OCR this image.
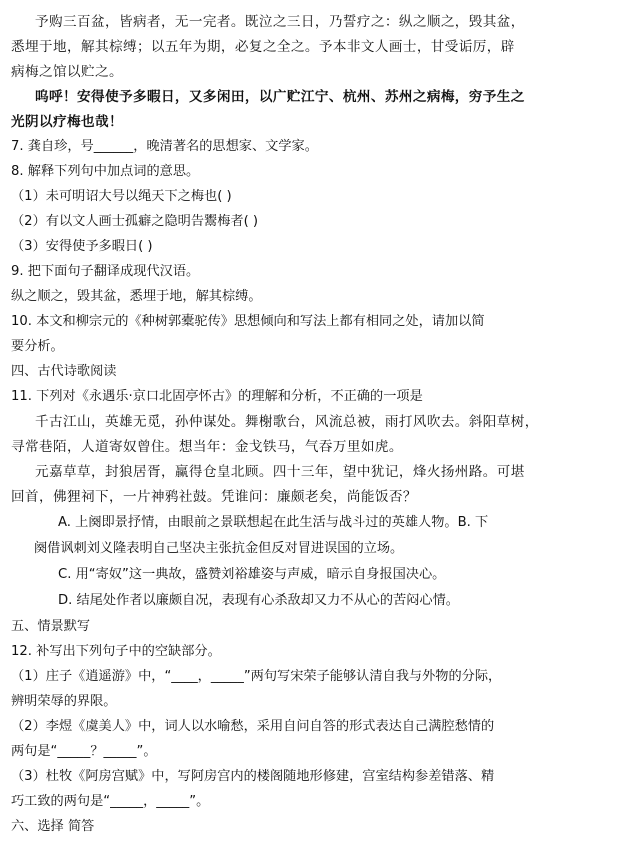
予购三百盆，皆病者，无一完者。既泣之三日，乃誓疗之：纵之顺之，毁其盆，
悉埋于地，解其棕缚；以五年为期，必复之全之。予本非文人画士，甘受诟厉，辟
病梅之馆以贮之。
呜呼！安得使予多暇日，又多闲田，以广贮江宁、杭州、苏州之病梅，穷予生之
光阴以疗梅也哉！
7. 龚自珍，号______，晚清著名的思想家、文学家。
8. 解释下列句中加点词的意思。
（1）未可明诏大号以绳天下之梅也( )
（2）有以文人画士孤癖之隐明告鬻梅者( )
（3）安得使予多暇日( )
9. 把下面句子翻译成现代汉语。
纵之顺之，毁其盆，悉埋于地，解其棕缚。
10. 本文和柳宗元的《种树郭橐驼传》思想倾向和写法上都有相同之处，请加以简
要分析。
四、古代诗歌阅读
11. 下列对《永遇乐·京口北固亭怀古》的理解和分析，不正确的一项是
千古江山，英雄无觅，孙仲谋处。舞榭歌台，风流总被，雨打风吹去。斜阳草树，
寻常巷陌，人道寄奴曾住。想当年：金戈铁马，气吞万里如虎。
元嘉草草，封狼居胥，赢得仓皇北顾。四十三年，望中犹记，烽火扬州路。可堪
回首，佛狸祠下，一片神鸦社鼓。凭谁问：廉颇老矣，尚能饭否？
A. 上阕即景抒情，由眼前之景联想起在此生活与战斗过的英雄人物。B. 下
阕借讽刺刘义隆表明自己坚决主张抗金但反对冒进误国的立场。
C. 用“寄奴”这一典故，盛赞刘裕雄姿与声威，暗示自身报国决心。
D. 结尾处作者以廉颇自况，表现有心杀敌却又力不从心的苦闷心情。
五、情景默写
12. 补写出下列句子中的空缺部分。
（1）庄子《逍遥游》中，“____，_____”两句写宋荣子能够认清自我与外物的分际，
辨明荣辱的界限。
（2）李煜《虞美人》中，词人以水喻愁，采用自问自答的形式表达自己满腔愁情的
两句是“_____？_____”。
（3）杜牧《阿房宫赋》中，写阿房宫内的楼阁随地形修建，宫室结构参差错落、精
巧工致的两句是“_____，_____”。
六、选择 简答
